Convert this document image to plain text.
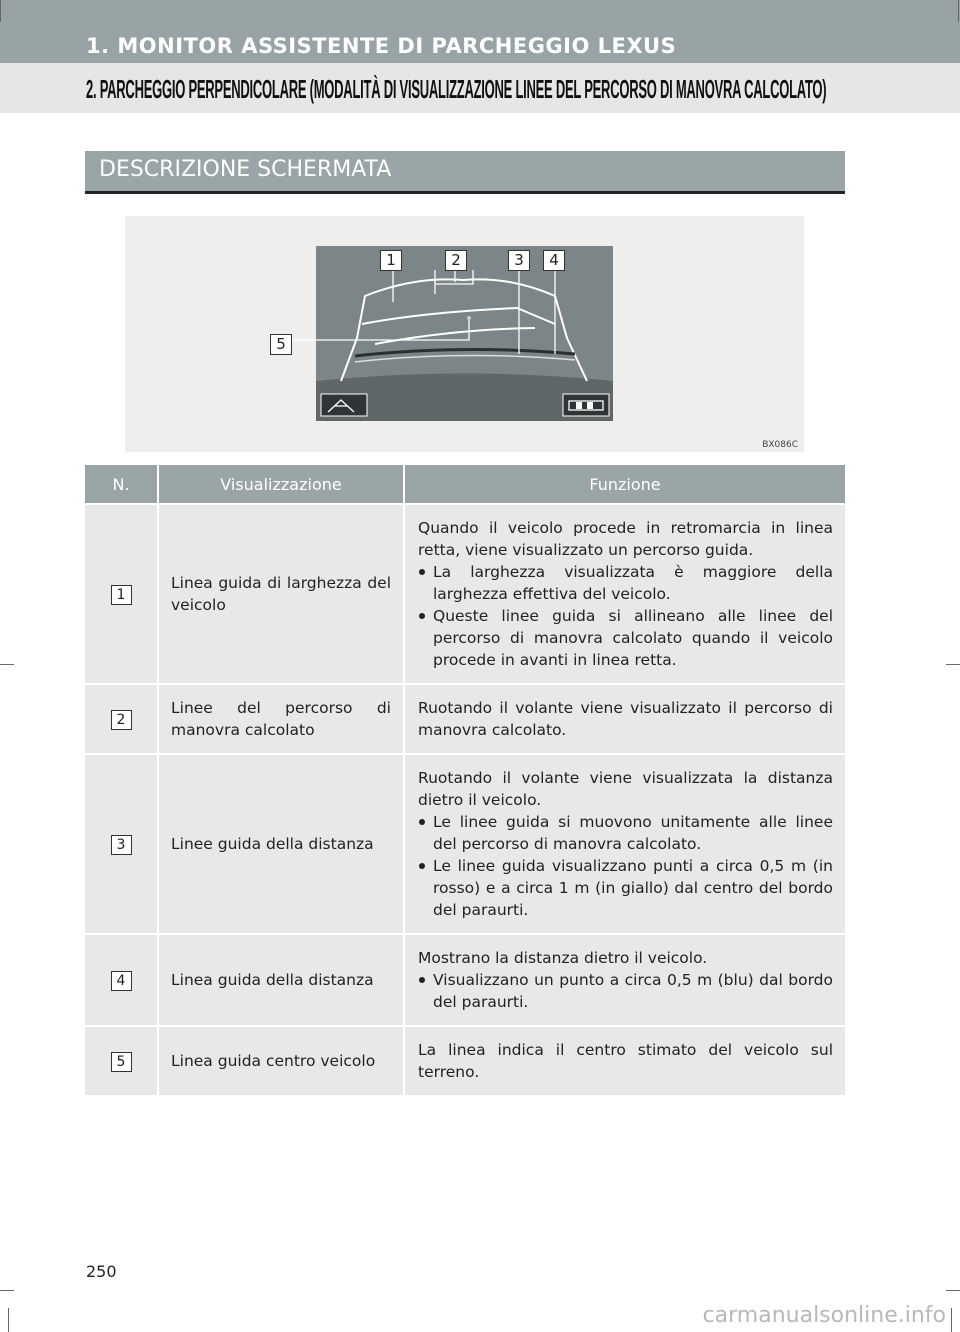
1. MONITOR ASSISTENTE DI PARCHEGGIO LEXUS
2. PARCHEGGIO PERPENDICOLARE (MODALITÀ DI VISUALIZZAZIONE LINEE DEL PERCORSO DI MANOVRA CALCOLATO)
DESCRIZIONE SCHERMATA
1	2	3	4
5
BX086C
N.	Visualizzazione	Funzione
1	Linea guida di larghezza del veicolo	Quando il veicolo procede in retromarcia in linea retta, viene visualizzato un percorso guida.

La larghezza visualizzata è maggiore della larghezza effettiva del veicolo.

Queste linee guida si allineano alle linee del percorso di manovra calcolato quando il veicolo procede in avanti in linea retta.

2	Linee del percorso di manovra calcolato	Ruotando il volante viene visualizzato il percorso di manovra calcolato.

3	Linee guida della distanza	Ruotando il volante viene visualizzata la distanza dietro il veicolo.

Le linee guida si muovono unitamente alle linee del percorso di manovra calcolato.

Le linee guida visualizzano punti a circa 0,5 m (in rosso) e a circa 1 m (in giallo) dal centro del bordo del paraurti.

4	Linea guida della distanza	Mostrano la distanza dietro il veicolo.

Visualizzano un punto a circa 0,5 m (blu) dal bordo del paraurti.

5	Linea guida centro veicolo	La linea indica il centro stimato del veicolo sul terreno.

250
carmanualsonline.info
